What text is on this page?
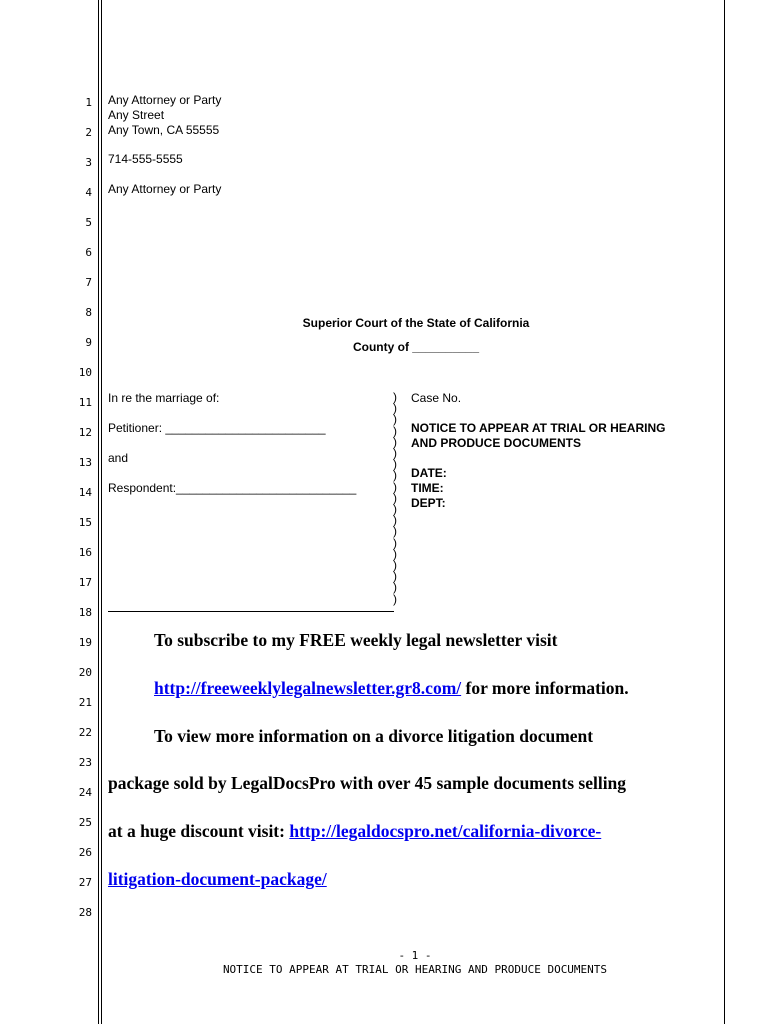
1
2
3
4
5
6
7
8
9
10
11
12
13
14
15
16
17
18
19
20
21
22
23
24
25
26
27
28
Any Attorney or Party
Any Street
Any Town, CA 55555
714-555-5555
Any Attorney or Party
Superior Court of the State of California
County of __________
In re the marriage of:
Petitioner: ________________________
and
Respondent:___________________________
)
)
)
)
)
)
)
)
)
)
)
)
)
)
)
)
)
)
)
Case No.
NOTICE TO APPEAR AT TRIAL OR HEARING
AND PRODUCE DOCUMENTS
DATE:
TIME:
DEPT:
To subscribe to my FREE weekly legal newsletter visit
http://freeweeklylegalnewsletter.gr8.com/ for more information.
To view more information on a divorce litigation document
package sold by LegalDocsPro with over 45 sample documents selling
at a huge discount visit: http://legaldocspro.net/california-divorce-
litigation-document-package/
- 1 -
NOTICE TO APPEAR AT TRIAL OR HEARING AND PRODUCE DOCUMENTS
